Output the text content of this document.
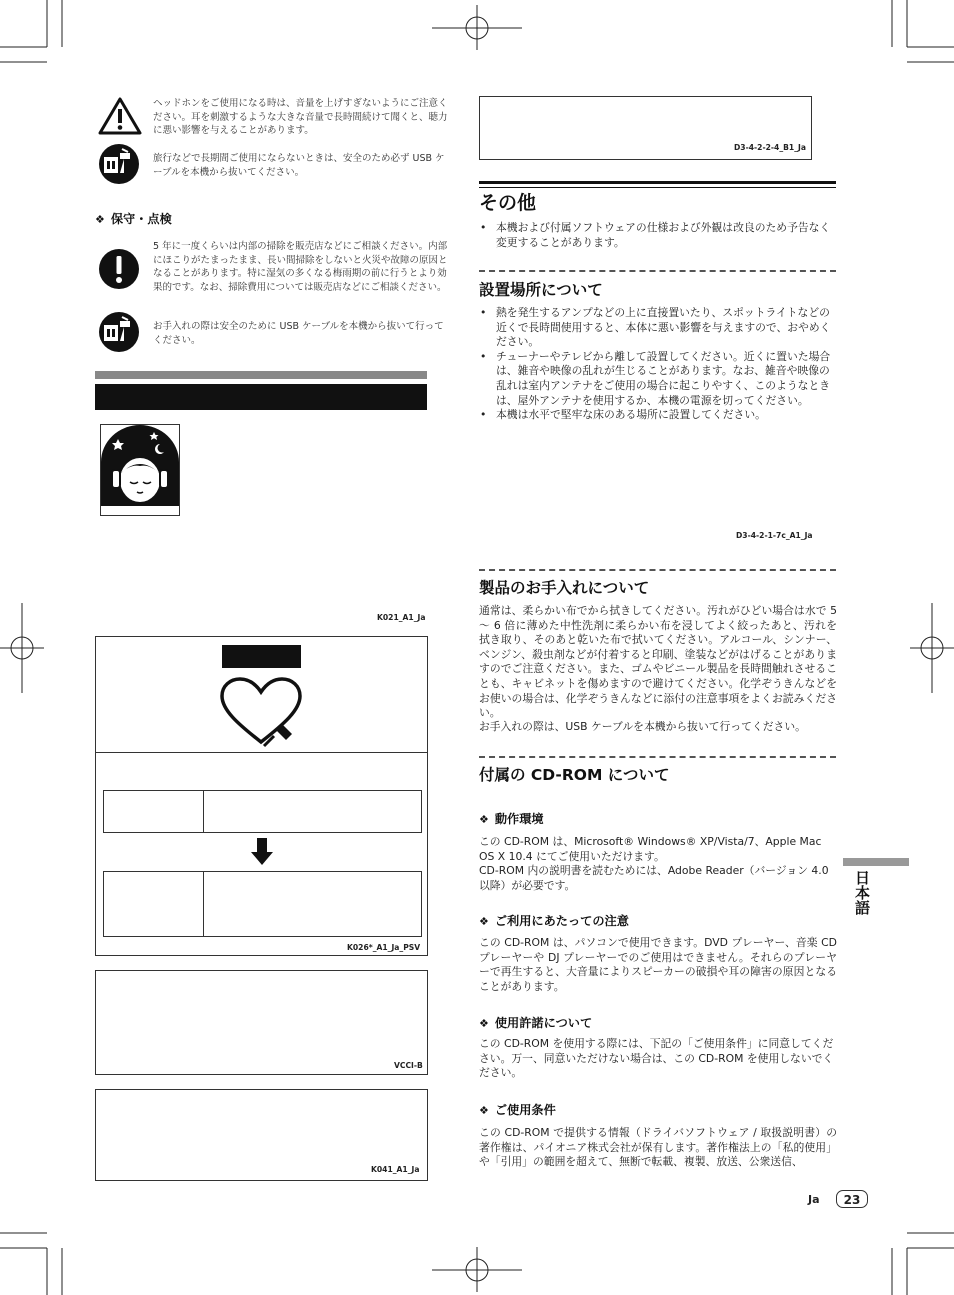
ヘッドホンをご使用になる時は、音量を上げすぎないようにご注意ください。耳を刺激するような大きな音量で長時間続けて聞くと、聴力に悪い影響を与えることがあります。
旅行などで長期間ご使用にならないときは、安全のため必ず USB ケーブルを本機から抜いてください。
❖ 保守・点検
5 年に一度くらいは内部の掃除を販売店などにご相談ください。内部にほこりがたまったまま、長い間掃除をしないと火災や故障の原因となることがあります。特に湿気の多くなる梅雨期の前に行うとより効果的です。なお、掃除費用については販売店などにご相談ください。
お手入れの際は安全のために USB ケーブルを本機から抜いて行ってください。
K021_A1_Ja
K026*_A1_Ja_PSV
VCCI-B
K041_A1_Ja
D3-4-2-2-4_B1_Ja
その他
• 本機および付属ソフトウェアの仕様および外観は改良のため予告なく変更することがあります。
設置場所について
• 熱を発生するアンプなどの上に直接置いたり、スポットライトなどの近くで長時間使用すると、本体に悪い影響を与えますので、おやめください。
• チューナーやテレビから離して設置してください。近くに置いた場合は、雑音や映像の乱れが生じることがあります。なお、雑音や映像の乱れは室内アンテナをご使用の場合に起こりやすく、このようなときは、屋外アンテナを使用するか、本機の電源を切ってください。
• 本機は水平で堅牢な床のある場所に設置してください。
D3-4-2-1-7c_A1_Ja
製品のお手入れについて
通常は、柔らかい布でから拭きしてください。汚れがひどい場合は水で 5 〜 6 倍に薄めた中性洗剤に柔らかい布を浸してよく絞ったあと、汚れを拭き取り、そのあと乾いた布で拭いてください。アルコール、シンナー、ベンジン、殺虫剤などが付着すると印刷、塗装などがはげることがありますのでご注意ください。また、ゴムやビニール製品を長時間触れさせることも、キャビネットを傷めますので避けてください。化学ぞうきんなどをお使いの場合は、化学ぞうきんなどに添付の注意事項をよくお読みください。
お手入れの際は、USB ケーブルを本機から抜いて行ってください。
付属の CD-ROM について
❖ 動作環境
この CD-ROM は、Microsoft® Windows® XP/Vista/7、Apple Mac OS X 10.4 にてご使用いただけます。
CD-ROM 内の説明書を読むためには、Adobe Reader（バージョン 4.0 以降）が必要です。
❖ ご利用にあたっての注意
この CD-ROM は、パソコンで使用できます。DVD プレーヤー、音楽 CD プレーヤーや DJ プレーヤーでのご使用はできません。それらのプレーヤーで再生すると、大音量によりスピーカーの破損や耳の障害の原因となることがあります。
❖ 使用許諾について
この CD-ROM を使用する際には、下記の「ご使用条件」に同意してください。万一、同意いただけない場合は、この CD-ROM を使用しないでください。
❖ ご使用条件
この CD-ROM で提供する情報（ドライバソフトウェア / 取扱説明書）の著作権は、パイオニア株式会社が保有します。著作権法上の「私的使用」や「引用」の範囲を超えて、無断で転載、複製、放送、公衆送信、
日本語
Ja	23
